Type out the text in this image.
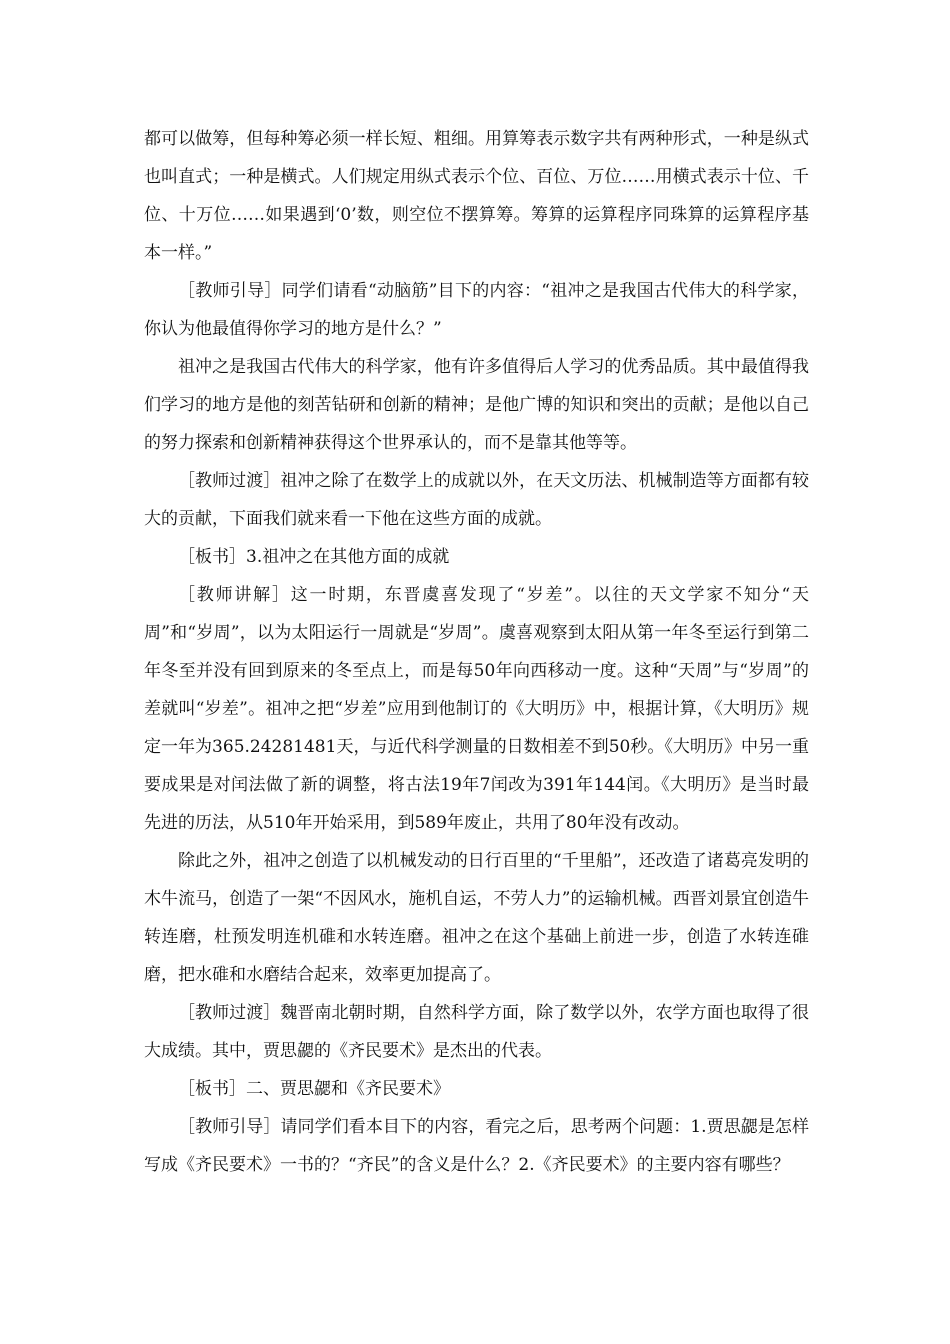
都可以做筹，但每种筹必须一样长短、粗细。用算筹表示数字共有两种形式，一种是纵式也叫直式；一种是横式。人们规定用纵式表示个位、百位、万位……用横式表示十位、千位、十万位……如果遇到‘0’数，则空位不摆算筹。筹算的运算程序同珠算的运算程序基本一样。”

［教师引导］同学们请看“动脑筋”目下的内容：“祖冲之是我国古代伟大的科学家，你认为他最值得你学习的地方是什么？”

祖冲之是我国古代伟大的科学家，他有许多值得后人学习的优秀品质。其中最值得我们学习的地方是他的刻苦钻研和创新的精神；是他广博的知识和突出的贡献；是他以自己的努力探索和创新精神获得这个世界承认的，而不是靠其他等等。

［教师过渡］祖冲之除了在数学上的成就以外，在天文历法、机械制造等方面都有较大的贡献，下面我们就来看一下他在这些方面的成就。

［板书］3.祖冲之在其他方面的成就

［教师讲解］这一时期，东晋虞喜发现了“岁差”。以往的天文学家不知分“天周”和“岁周”，以为太阳运行一周就是“岁周”。虞喜观察到太阳从第一年冬至运行到第二年冬至并没有回到原来的冬至点上，而是每50年向西移动一度。这种“天周”与“岁周”的差就叫“岁差”。祖冲之把“岁差”应用到他制订的《大明历》中，根据计算，《大明历》规定一年为365.24281481天，与近代科学测量的日数相差不到50秒。《大明历》中另一重要成果是对闰法做了新的调整，将古法19年7闰改为391年144闰。《大明历》是当时最先进的历法，从510年开始采用，到589年废止，共用了80年没有改动。

除此之外，祖冲之创造了以机械发动的日行百里的“千里船”，还改造了诸葛亮发明的木牛流马，创造了一架“不因风水，施机自运，不劳人力”的运输机械。西晋刘景宜创造牛转连磨，杜预发明连机碓和水转连磨。祖冲之在这个基础上前进一步，创造了水转连碓磨，把水碓和水磨结合起来，效率更加提高了。

［教师过渡］魏晋南北朝时期，自然科学方面，除了数学以外，农学方面也取得了很大成绩。其中，贾思勰的《齐民要术》是杰出的代表。

［板书］二、贾思勰和《齐民要术》

［教师引导］请同学们看本目下的内容，看完之后，思考两个问题：1.贾思勰是怎样写成《齐民要术》一书的？“齐民”的含义是什么？2.《齐民要术》的主要内容有哪些？
